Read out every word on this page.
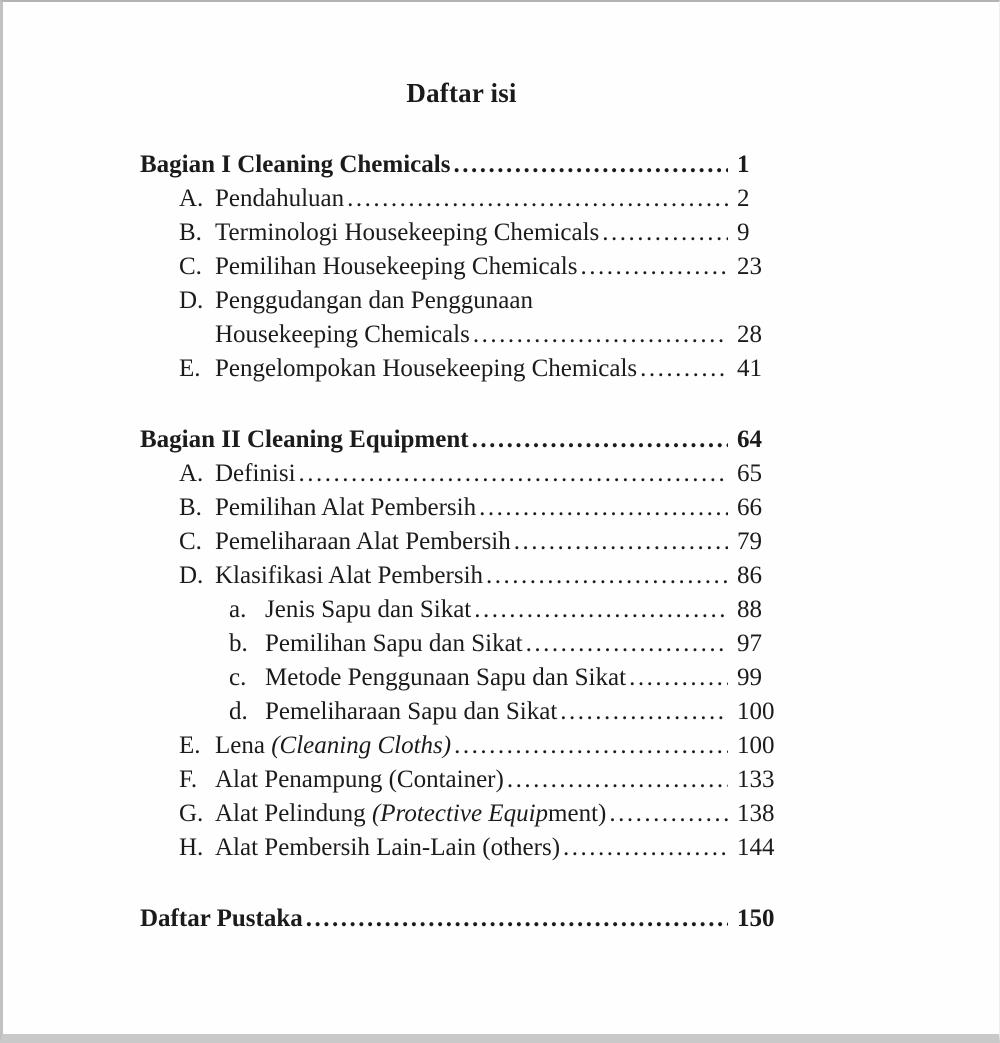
Daftar isi
Bagian I Cleaning Chemicals .....	1
A. Pendahuluan .....	2
B. Terminologi Housekeeping Chemicals .....	9
C. Pemilihan Housekeeping Chemicals .....	23
D. Penggudangan dan Penggunaan
Housekeeping Chemicals .....	28
E. Pengelompokan Housekeeping Chemicals .....	41
Bagian II Cleaning Equipment .....	64
A. Definisi .....	65
B. Pemilihan Alat Pembersih .....	66
C. Pemeliharaan Alat Pembersih .....	79
D. Klasifikasi Alat Pembersih .....	86
a. Jenis Sapu dan Sikat .....	88
b. Pemilihan Sapu dan Sikat .....	97
c. Metode Penggunaan Sapu dan Sikat .....	99
d. Pemeliharaan Sapu dan Sikat .....	100
E. Lena (Cleaning Cloths) .....	100
F. Alat Penampung (Container) .....	133
G. Alat Pelindung (Protective Equipment) .....	138
H. Alat Pembersih Lain-Lain (others) .....	144
Daftar Pustaka .....	150
